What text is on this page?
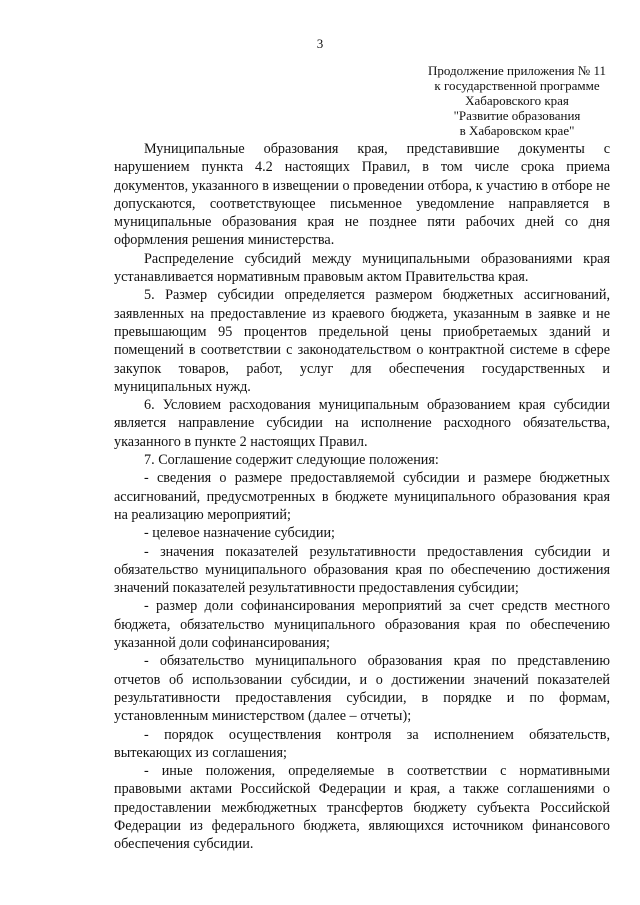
3
Продолжение приложения № 11
к государственной программе
Хабаровского края
"Развитие образования
в Хабаровском крае"

Муниципальные образования края, представившие документы с нарушением пункта 4.2 настоящих Правил, в том числе срока приема документов, указанного в извещении о проведении отбора, к участию в отборе не допускаются, соответствующее письменное уведомление направляется в муниципальные образования края не позднее пяти рабочих дней со дня оформления решения министерства.

Распределение субсидий между муниципальными образованиями края устанавливается нормативным правовым актом Правительства края.

5. Размер субсидии определяется размером бюджетных ассигнований, заявленных на предоставление из краевого бюджета, указанным в заявке и не превышающим 95 процентов предельной цены приобретаемых зданий и помещений в соответствии с законодательством о контрактной системе в сфере закупок товаров, работ, услуг для обеспечения государственных и муниципальных нужд.

6. Условием расходования муниципальным образованием края субсидии является направление субсидии на исполнение расходного обязательства, указанного в пункте 2 настоящих Правил.

7. Соглашение содержит следующие положения:

- сведения о размере предоставляемой субсидии и размере бюджетных ассигнований, предусмотренных в бюджете муниципального образования края на реализацию мероприятий;

- целевое назначение субсидии;

- значения показателей результативности предоставления субсидии и обязательство муниципального образования края по обеспечению достижения значений показателей результативности предоставления субсидии;

- размер доли софинансирования мероприятий за счет средств местного бюджета, обязательство муниципального образования края по обеспечению указанной доли софинансирования;

- обязательство муниципального образования края по представлению отчетов об использовании субсидии, и о достижении значений показателей результативности предоставления субсидии, в порядке и по формам, установленным министерством (далее – отчеты);

- порядок осуществления контроля за исполнением обязательств, вытекающих из соглашения;

- иные положения, определяемые в соответствии с нормативными правовыми актами Российской Федерации и края, а также соглашениями о предоставлении межбюджетных трансфертов бюджету субъекта Российской Федерации из федерального бюджета, являющихся источником финансового обеспечения субсидии.
